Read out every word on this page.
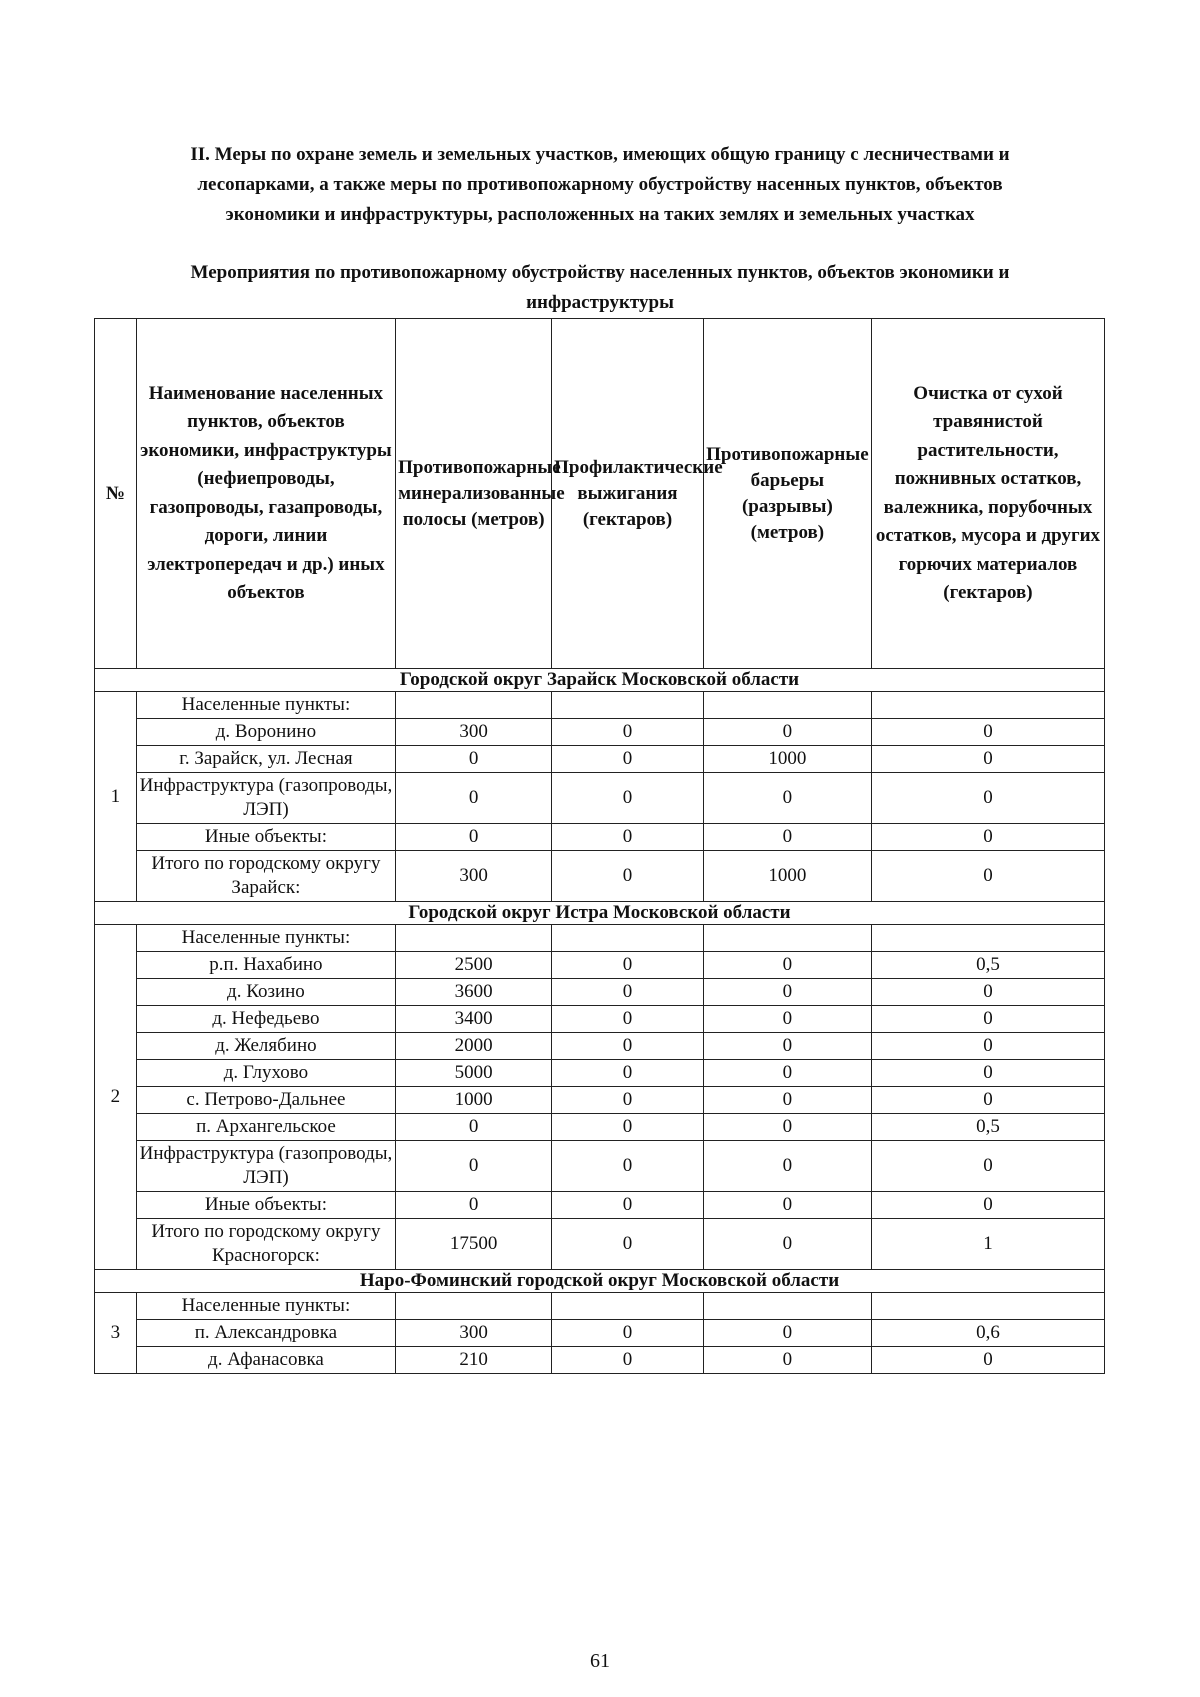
II. Меры по охране земель и земельных участков, имеющих общую границу с лесничествами и
лесопарками, а также меры по противопожарному обустройству насенных пунктов, объектов
экономики и инфраструктуры, расположенных на таких землях и земельных участках
Мероприятия по противопожарному обустройству населенных пунктов, объектов экономики и
инфраструктуры
№	Наименование населенных пунктов, объектов экономики, инфраструктуры (нефиепроводы, газопроводы, газапроводы, дороги, линии электропередач и др.) иных объектов	Противопожарные минерализованные полосы (метров)	Профилактические выжигания (гектаров)	Противопожарные барьеры (разрывы) (метров)	Очистка от сухой травянистой растительности, пожнивных остатков, валежника, порубочных остатков, мусора и других горючих материалов (гектаров)
Городской округ Зарайск Московской области					
1	Населенные пункты:				
	д. Воронино	300	0	0	0
	г. Зарайск, ул. Лесная	0	0	1000	0
	Инфраструктура (газопроводы, ЛЭП)	0	0	0	0
	Иные объекты:	0	0	0	0
	Итого по городскому округу Зарайск:	300	0	1000	0
Городской округ Истра Московской области					
2	Населенные пункты:				
	р.п. Нахабино	2500	0	0	0,5
	д. Козино	3600	0	0	0
	д. Нефедьево	3400	0	0	0
	д. Желябино	2000	0	0	0
	д. Глухово	5000	0	0	0
	с. Петрово-Дальнее	1000	0	0	0
	п. Архангельское	0	0	0	0,5
	Инфраструктура (газопроводы, ЛЭП)	0	0	0	0
	Иные объекты:	0	0	0	0
	Итого по городскому округу Красногорск:	17500	0	0	1
Наро-Фоминский городской округ Московской области					
3	Населенные пункты:				
	п. Александровка	300	0	0	0,6
	д. Афанасовка	210	0	0	0
61
